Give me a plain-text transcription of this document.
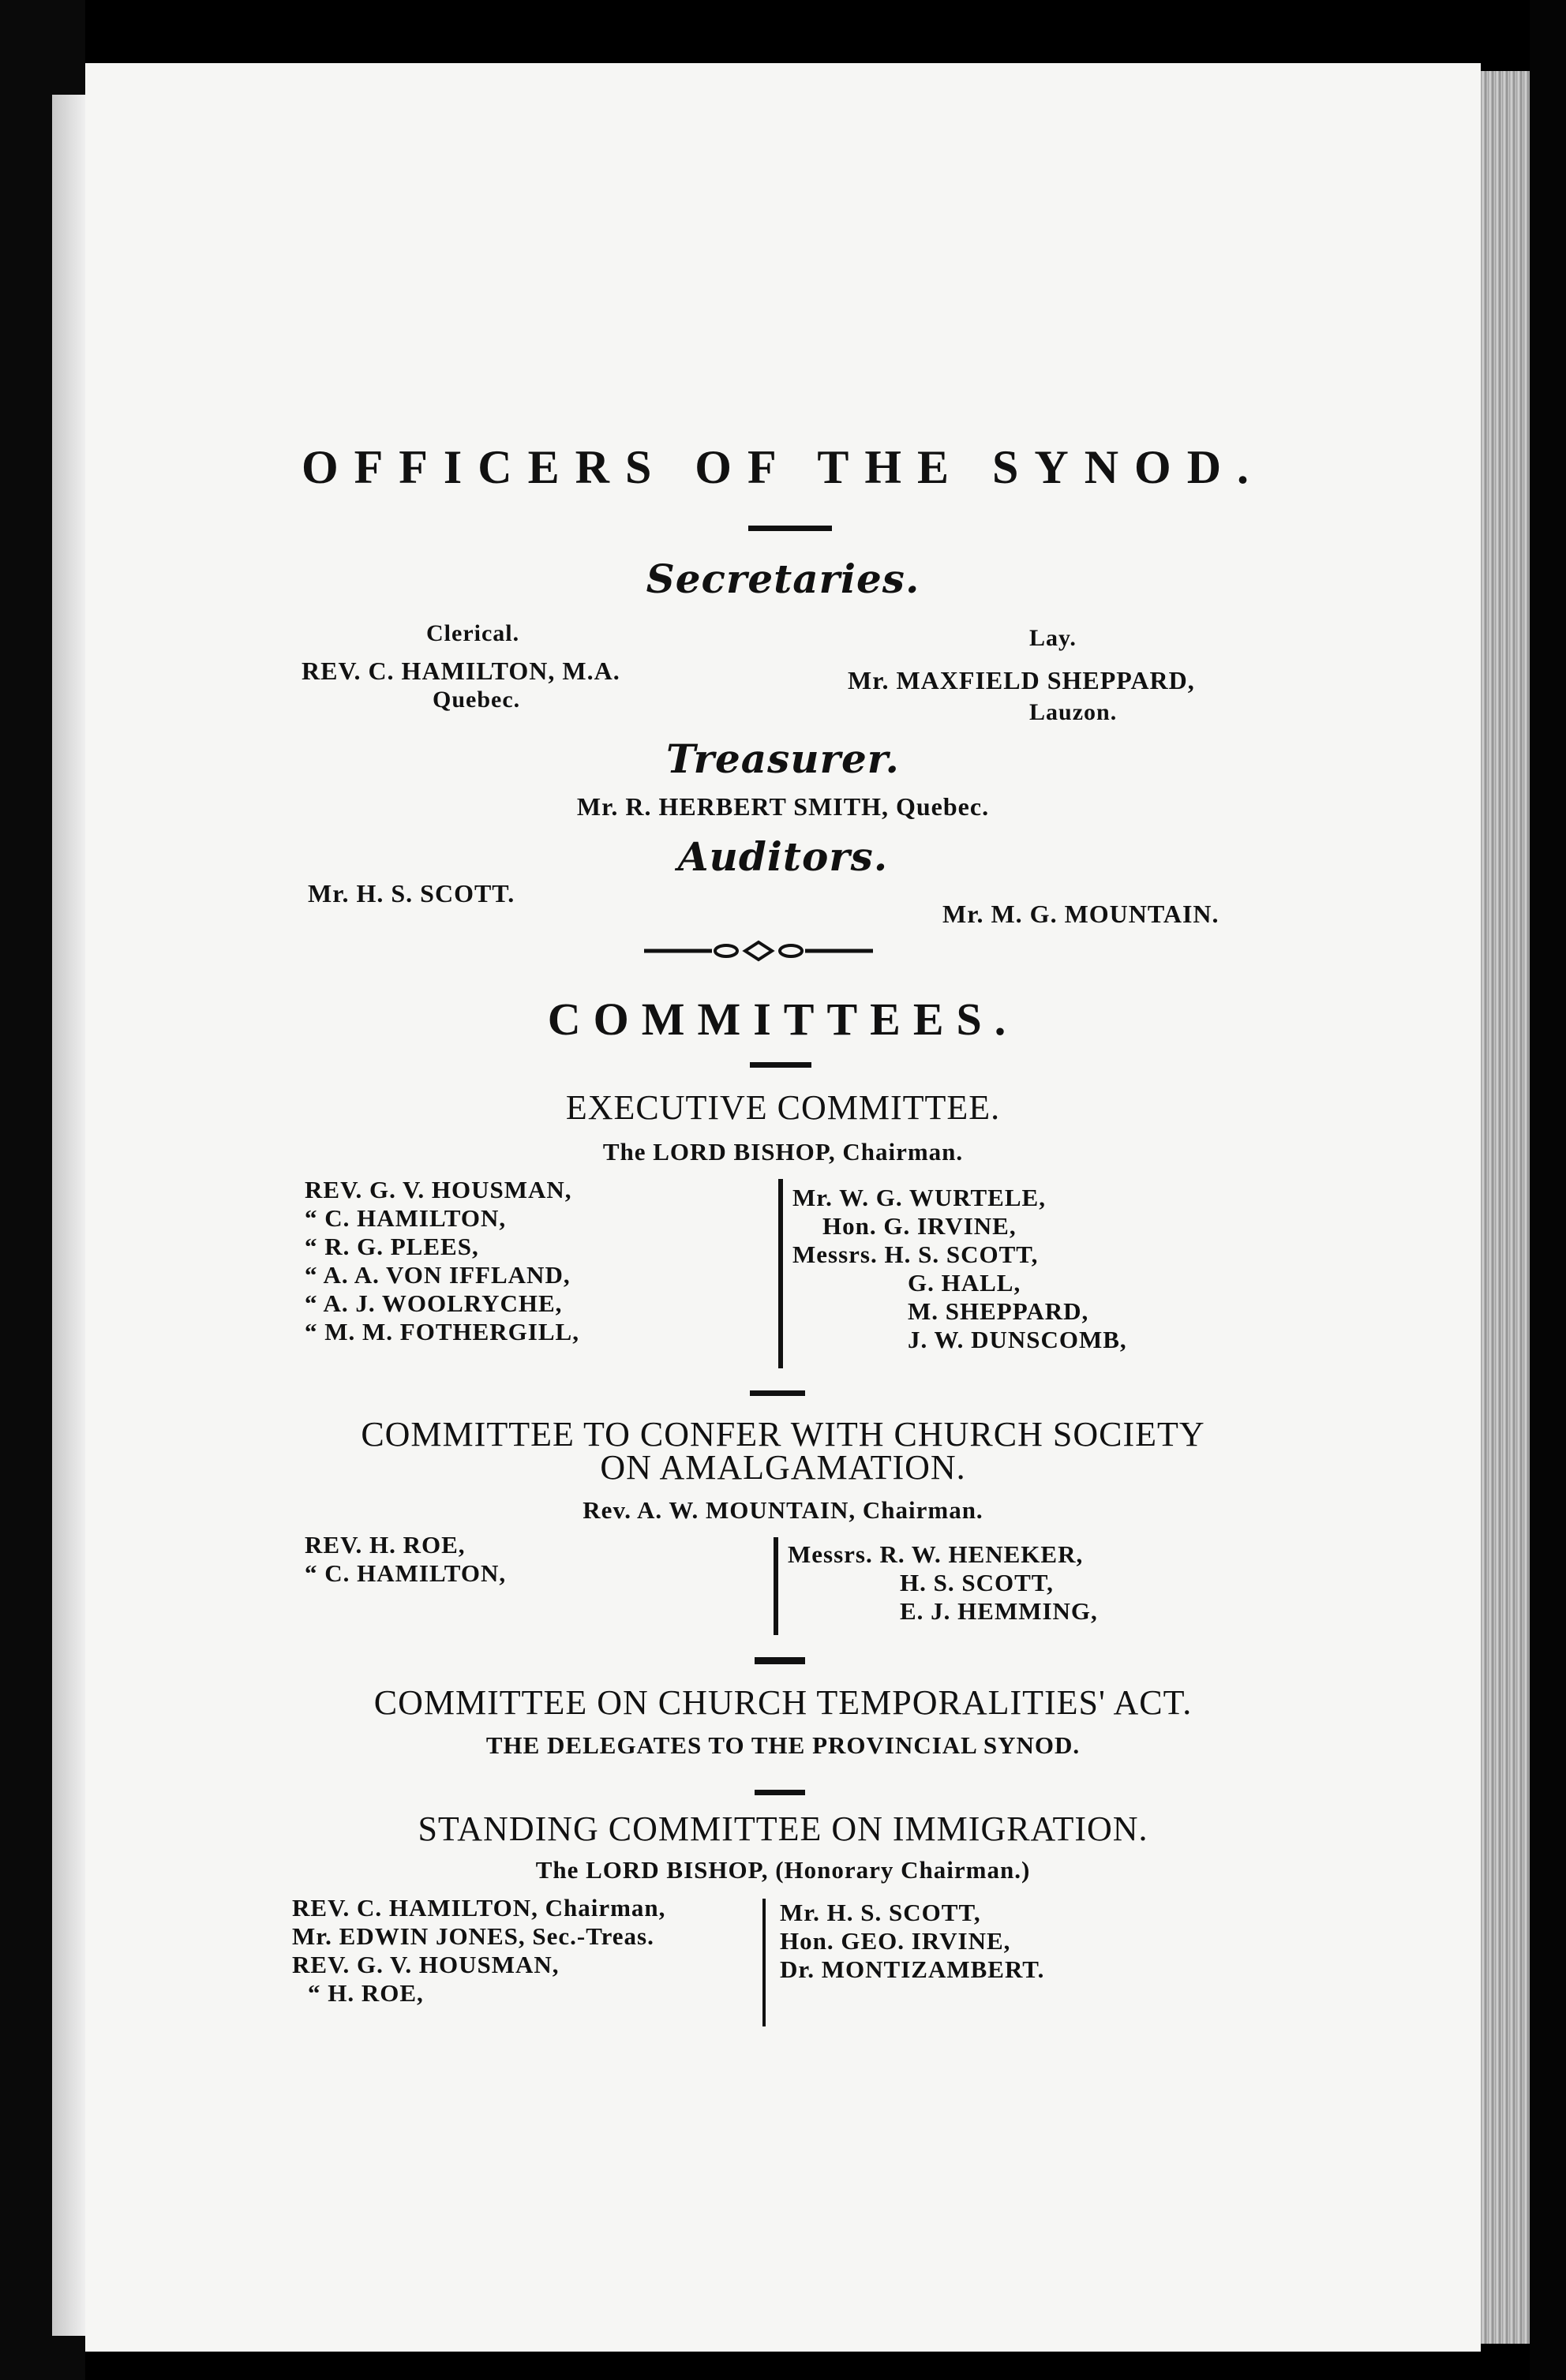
OFFICERS OF THE SYNOD.
Secretaries.
Clerical.
REV. C. HAMILTON, M.A.
Quebec.
Lay.
Mr. MAXFIELD SHEPPARD,
Lauzon.
Treasurer.
Mr. R. HERBERT SMITH, Quebec.
Auditors.
Mr. H. S. SCOTT.
Mr. M. G. MOUNTAIN.
COMMITTEES.
EXECUTIVE COMMITTEE.
The LORD BISHOP, Chairman.
REV. G. V. HOUSMAN,
“ C. HAMILTON,
“ R. G. PLEES,
“ A. A. VON IFFLAND,
“ A. J. WOOLRYCHE,
“ M. M. FOTHERGILL,
Mr. W. G. WURTELE,
Hon. G. IRVINE,
Messrs. H. S. SCOTT,
G. HALL,
M. SHEPPARD,
J. W. DUNSCOMB,
COMMITTEE TO CONFER WITH CHURCH SOCIETY
ON AMALGAMATION.
Rev. A. W. MOUNTAIN, Chairman.
REV. H. ROE,
“ C. HAMILTON,
Messrs. R. W. HENEKER,
H. S. SCOTT,
E. J. HEMMING,
COMMITTEE ON CHURCH TEMPORALITIES' ACT.
THE DELEGATES TO THE PROVINCIAL SYNOD.
STANDING COMMITTEE ON IMMIGRATION.
The LORD BISHOP, (Honorary Chairman.)
REV. C. HAMILTON, Chairman,
Mr. EDWIN JONES, Sec.-Treas.
REV. G. V. HOUSMAN,
“ H. ROE,
Mr. H. S. SCOTT,
Hon. GEO. IRVINE,
Dr. MONTIZAMBERT.
